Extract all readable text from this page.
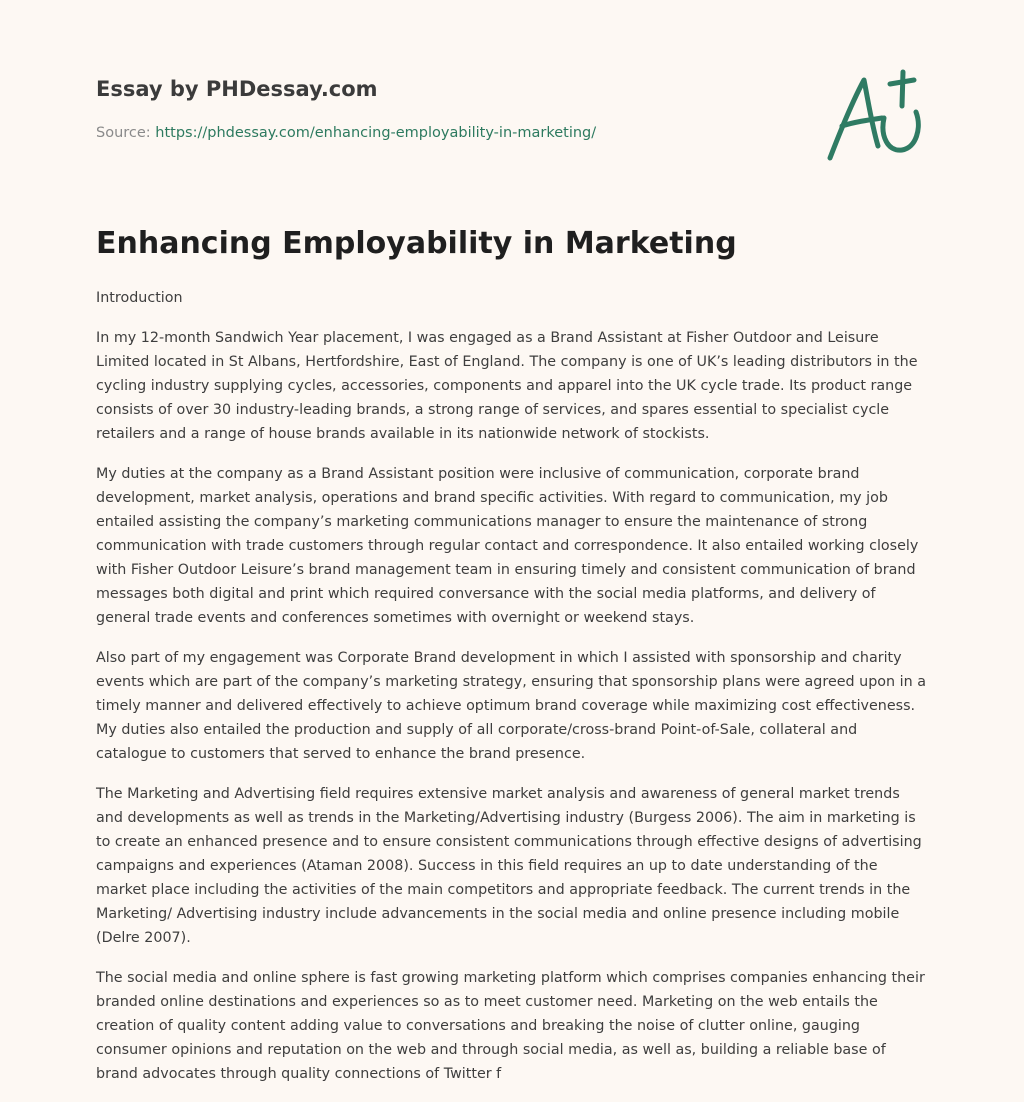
Essay by PHDessay.com
Source: https://phdessay.com/enhancing-employability-in-marketing/
Enhancing Employability in Marketing

Introduction

In my 12-month Sandwich Year placement, I was engaged as a Brand Assistant at Fisher Outdoor and Leisure Limited located in St Albans, Hertfordshire, East of England. The company is one of UK’s leading distributors in the cycling industry supplying cycles, accessories, components and apparel into the UK cycle trade. Its product range consists of over 30 industry-leading brands, a strong range of services, and spares essential to specialist cycle retailers and a range of house brands available in its nationwide network of stockists.

My duties at the company as a Brand Assistant position were inclusive of communication, corporate brand development, market analysis, operations and brand specific activities. With regard to communication, my job entailed assisting the company’s marketing communications manager to ensure the maintenance of strong communication with trade customers through regular contact and correspondence. It also entailed working closely with Fisher Outdoor Leisure’s brand management team in ensuring timely and consistent communication of brand messages both digital and print which required conversance with the social media platforms, and delivery of general trade events and conferences sometimes with overnight or weekend stays.

Also part of my engagement was Corporate Brand development in which I assisted with sponsorship and charity events which are part of the company’s marketing strategy, ensuring that sponsorship plans were agreed upon in a timely manner and delivered effectively to achieve optimum brand coverage while maximizing cost effectiveness. My duties also entailed the production and supply of all corporate/cross-brand Point-of-Sale, collateral and catalogue to customers that served to enhance the brand presence.

The Marketing and Advertising field requires extensive market analysis and awareness of general market trends and developments as well as trends in the Marketing/Advertising industry (Burgess 2006). The aim in marketing is to create an enhanced presence and to ensure consistent communications through effective designs of advertising campaigns and experiences (Ataman 2008). Success in this field requires an up to date understanding of the market place including the activities of the main competitors and appropriate feedback. The current trends in the Marketing/ Advertising industry include advancements in the social media and online presence including mobile (Delre 2007).

The social media and online sphere is fast growing marketing platform which comprises companies enhancing their branded online destinations and experiences so as to meet customer need. Marketing on the web entails the creation of quality content adding value to conversations and breaking the noise of clutter online, gauging consumer opinions and reputation on the web and through social media, as well as, building a reliable base of brand advocates through quality connections of Twitter f
